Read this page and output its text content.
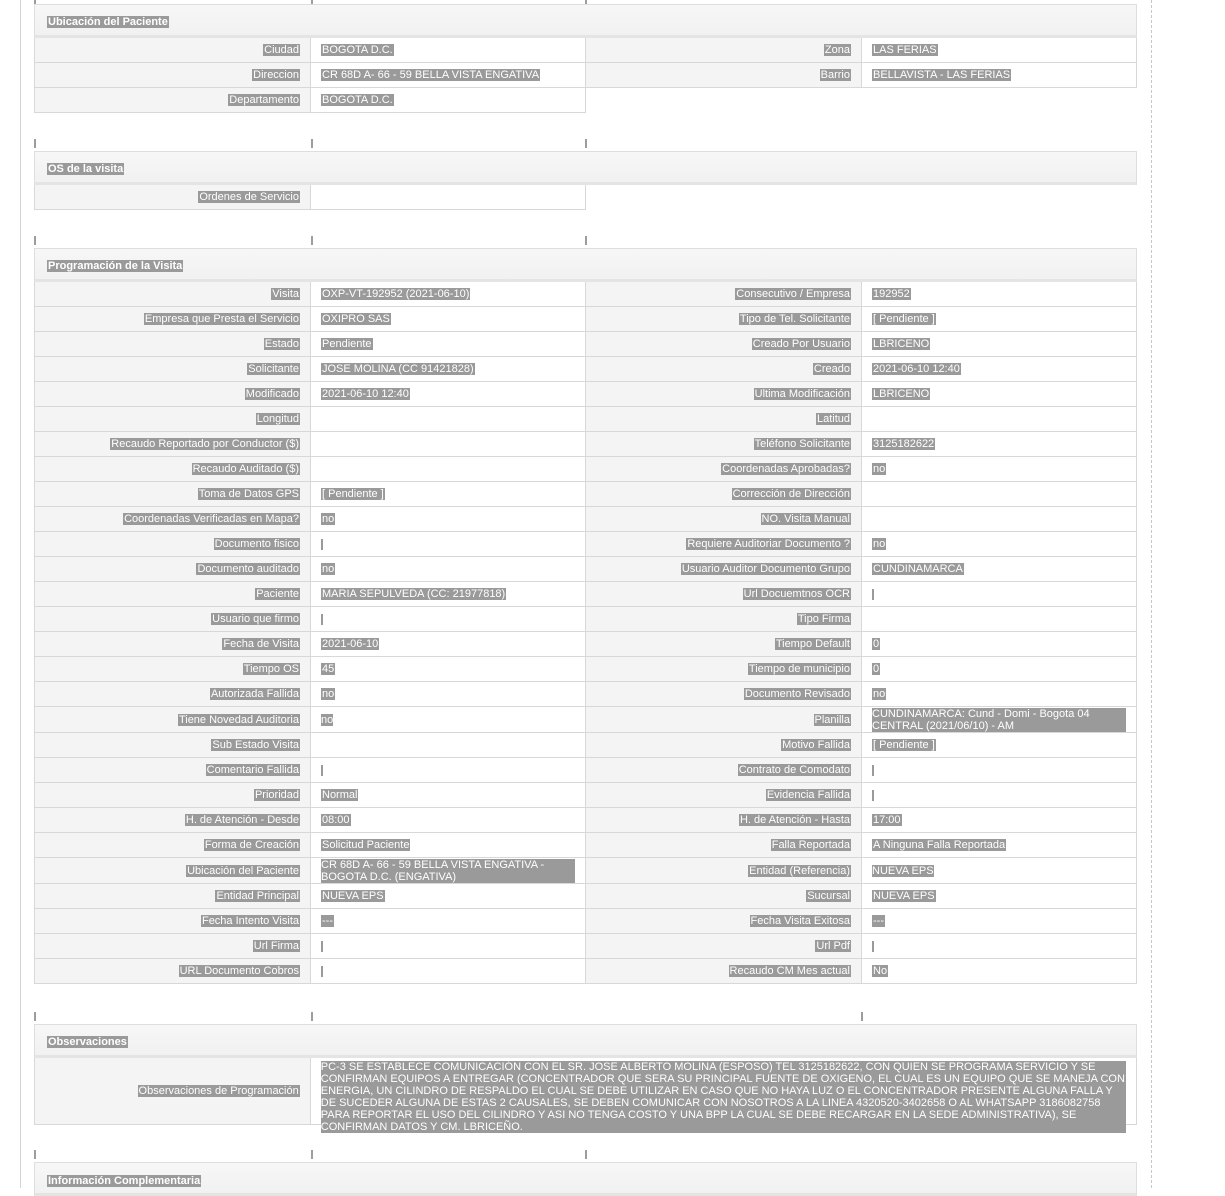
Ubicación del Paciente
Ciudad BOGOTA D.C.	Zona LAS FERIAS
Direccion CR 68D A- 66 - 59 BELLA VISTA ENGATIVA	Barrio BELLAVISTA - LAS FERIAS
Departamento BOGOTA D.C.
OS de la visita
Ordenes de Servicio
Programación de la Visita
Visita OXP-VT-192952 (2021-06-10)	Consecutivo / Empresa 192952
Empresa que Presta el Servicio OXIPRO SAS	Tipo de Tel. Solicitante [ Pendiente ]
Estado Pendiente	Creado Por Usuario LBRICENO
Solicitante JOSE MOLINA (CC 91421828)	Creado 2021-06-10 12:40
Modificado 2021-06-10 12:40	Ultima Modificación LBRICENO
Longitud	Latitud
Recaudo Reportado por Conductor ($)	Teléfono Solicitante 3125182622
Recaudo Auditado ($)	Coordenadas Aprobadas? no
Toma de Datos GPS [ Pendiente ]	Corrección de Dirección
Coordenadas Verificadas en Mapa? no	NO. Visita Manual
Documento fisico	Requiere Auditoriar Documento ? no
Documento auditado no	Usuario Auditor Documento Grupo CUNDINAMARCA
Paciente MARIA SEPULVEDA (CC: 21977818)	Url Docuemtnos OCR
Usuario que firmo	Tipo Firma
Fecha de Visita 2021-06-10	Tiempo Default 0
Tiempo OS 45	Tiempo de municipio 0
Autorizada Fallida no	Documento Revisado no
Tiene Novedad Auditoria no	Planilla CUNDINAMARCA: Cund - Domi - Bogota 04 CENTRAL (2021/06/10) - AM
Sub Estado Visita	Motivo Fallida [ Pendiente ]
Comentario Fallida	Contrato de Comodato
Prioridad Normal	Evidencia Fallida
H. de Atención - Desde 08:00	H. de Atención - Hasta 17:00
Forma de Creación Solicitud Paciente	Falla Reportada A Ninguna Falla Reportada
Ubicación del Paciente CR 68D A- 66 - 59 BELLA VISTA ENGATIVA - BOGOTA D.C. (ENGATIVA)	Entidad (Referencia) NUEVA EPS
Entidad Principal NUEVA EPS	Sucursal NUEVA EPS
Fecha Intento Visita ---	Fecha Visita Exitosa ---
Url Firma	Url Pdf
URL Documento Cobros	Recaudo CM Mes actual No
Observaciones
Observaciones de Programación
PC-3 SE ESTABLECE COMUNICACIÓN CON EL SR. JOSE ALBERTO MOLINA (ESPOSO) TEL 3125182622, CON QUIEN SE PROGRAMA SERVICIO Y SE CONFIRMAN EQUIPOS A ENTREGAR (CONCENTRADOR QUE SERA SU PRINCIPAL FUENTE DE OXIGENO, EL CUAL ES UN EQUIPO QUE SE MANEJA CON ENERGIA, UN CILINDRO DE RESPALDO EL CUAL SE DEBE UTILIZAR EN CASO QUE NO HAYA LUZ O EL CONCENTRADOR PRESENTE ALGUNA FALLA Y DE SUCEDER ALGUNA DE ESTAS 2 CAUSALES, SE DEBEN COMUNICAR CON NOSOTROS A LA LINEA 4320520-3402658 O AL WHATSAPP 3186082758 PARA REPORTAR EL USO DEL CILINDRO Y ASI NO TENGA COSTO Y UNA BPP LA CUAL SE DEBE RECARGAR EN LA SEDE ADMINISTRATIVA), SE CONFIRMAN DATOS Y CM. LBRICEÑO.
Información Complementaria
